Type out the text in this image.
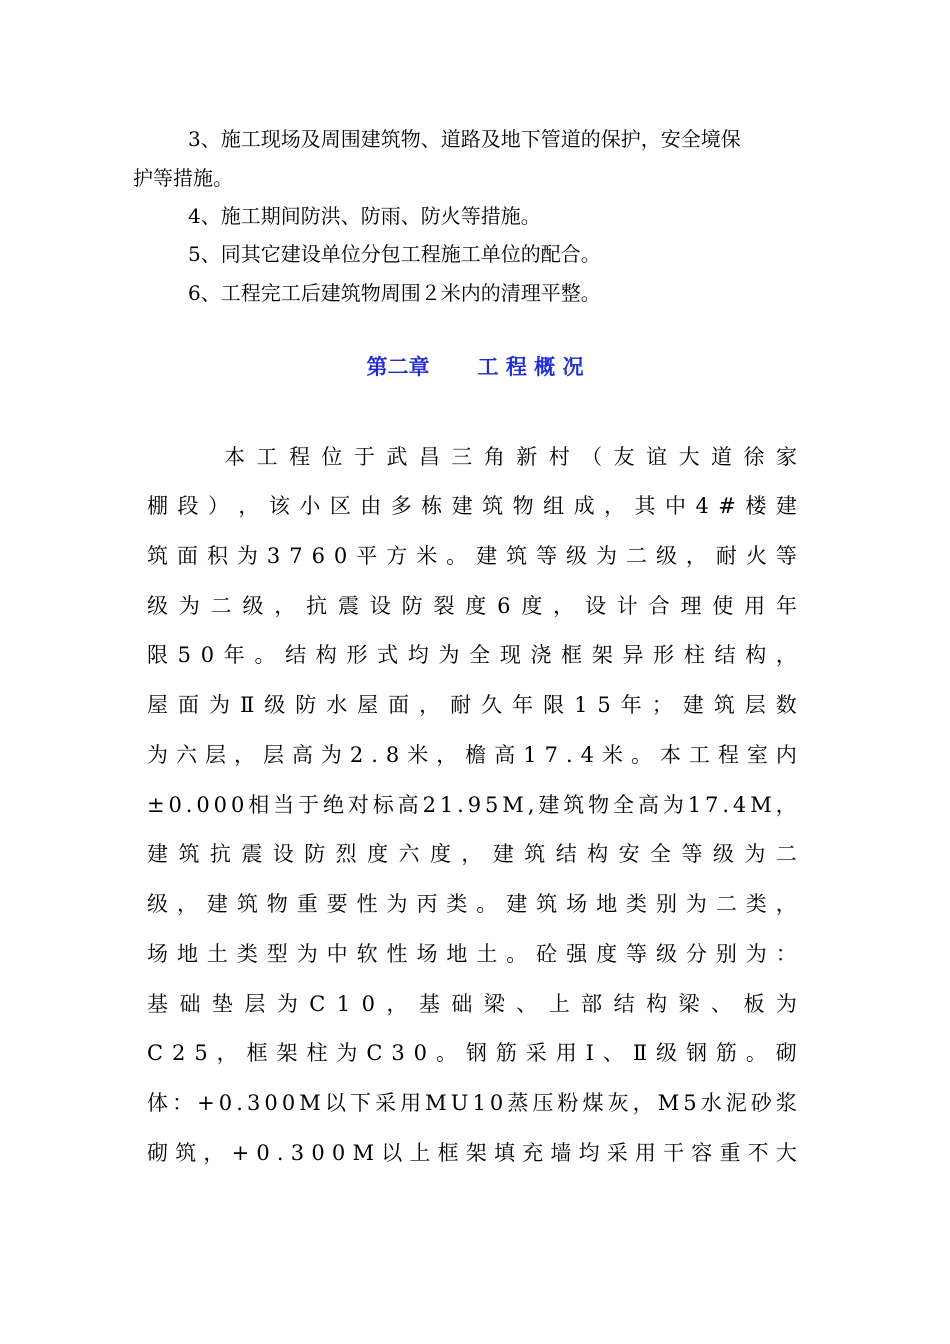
3、施工现场及周围建筑物、道路及地下管道的保护，安全境保
护等措施。
4、施工期间防洪、防雨、防火等措施。
5、同其它建设单位分包工程施工单位的配合。
6、工程完工后建筑物周围２米内的清理平整。
第二章 工 程 概 况
本 工 程 位 于 武 昌 三 角 新 村 （ 友 谊 大 道 徐 家
棚 段 ） ， 该 小 区 由 多 栋 建 筑 物 组 成 ， 其 中 4 # 楼 建
筑 面 积 为 3 7 6 0 平 方 米 。 建 筑 等 级 为 二 级 ， 耐 火 等
级 为 二 级 ， 抗 震 设 防 裂 度 6 度 ， 设 计 合 理 使 用 年
限 5 0 年 。 结 构 形 式 均 为 全 现 浇 框 架 异 形 柱 结 构 ，
屋 面 为 Ⅱ 级 防 水 屋 面 ， 耐 久 年 限 1 5 年 ； 建 筑 层 数
为 六 层 ， 层 高 为 2 . 8 米 ， 檐 高 1 7 . 4 米 。 本 工 程 室 内
± 0 . 0 0 0 相 当 于 绝 对 标 高 2 1 . 9 5 M , 建 筑 物 全 高 为 1 7 . 4 M ，
建 筑 抗 震 设 防 烈 度 六 度 ， 建 筑 结 构 安 全 等 级 为 二
级 ， 建 筑 物 重 要 性 为 丙 类 。 建 筑 场 地 类 别 为 二 类 ，
场 地 土 类 型 为 中 软 性 场 地 土 。 砼 强 度 等 级 分 别 为 ：
基 础 垫 层 为 C 1 0 ， 基 础 梁 、 上 部 结 构 梁 、 板 为
C 2 5 ， 框 架 柱 为 C 3 0 。 钢 筋 采 用 Ⅰ 、 Ⅱ 级 钢 筋 。 砌
体 ： + 0 . 3 0 0 M 以 下 采 用 M U 1 0 蒸 压 粉 煤 灰 ， M 5 水 泥 砂 浆
砌 筑 ， + 0 . 3 0 0 M 以 上 框 架 填 充 墙 均 采 用 干 容 重 不 大
